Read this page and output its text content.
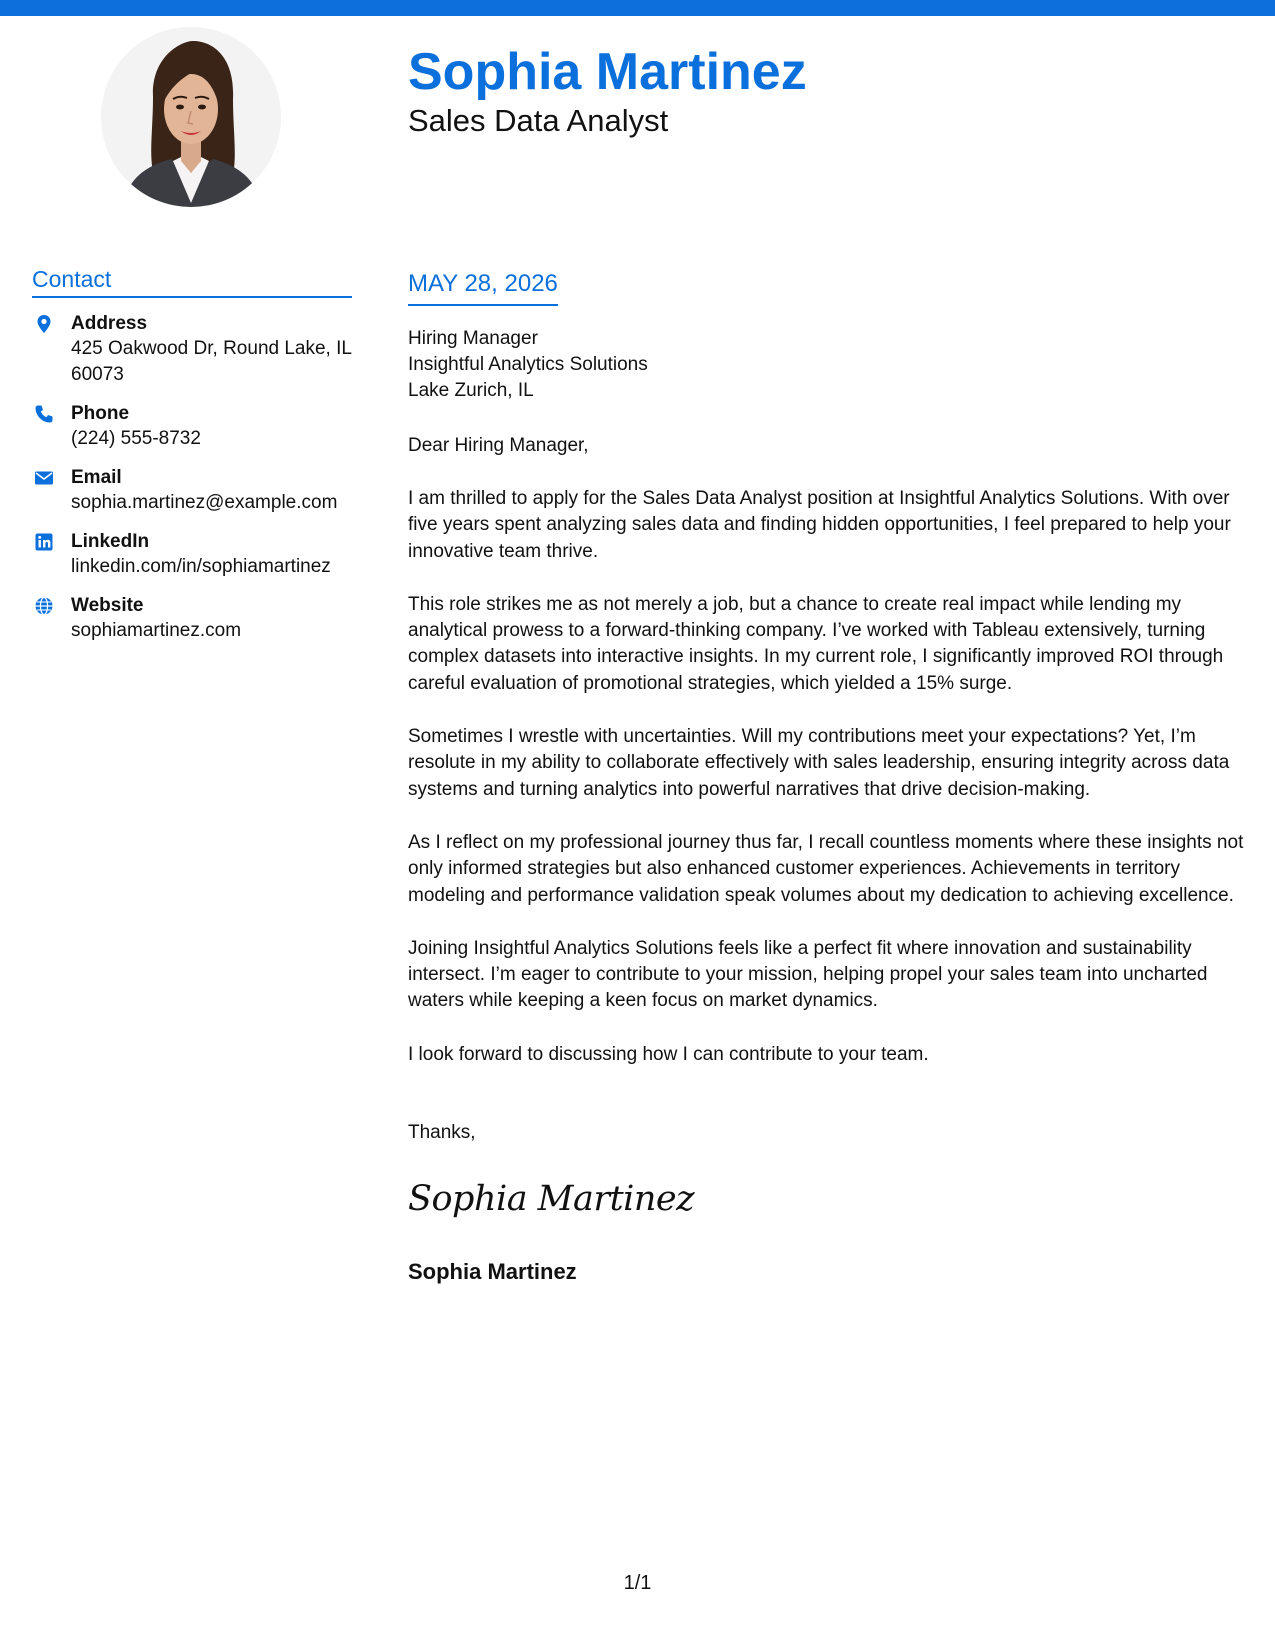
Sophia Martinez
Sales Data Analyst
Contact
Address
425 Oakwood Dr, Round Lake, IL 60073
Phone
(224) 555-8732
Email
sophia.martinez@example.com
LinkedIn
linkedin.com/in/sophiamartinez
Website
sophiamartinez.com
MAY 28, 2026
Hiring Manager
Insightful Analytics Solutions
Lake Zurich, IL
Dear Hiring Manager,
I am thrilled to apply for the Sales Data Analyst position at Insightful Analytics Solutions. With over five years spent analyzing sales data and finding hidden opportunities, I feel prepared to help your innovative team thrive.
This role strikes me as not merely a job, but a chance to create real impact while lending my analytical prowess to a forward-thinking company. I’ve worked with Tableau extensively, turning complex datasets into interactive insights. In my current role, I significantly improved ROI through careful evaluation of promotional strategies, which yielded a 15% surge.
Sometimes I wrestle with uncertainties. Will my contributions meet your expectations? Yet, I’m resolute in my ability to collaborate effectively with sales leadership, ensuring integrity across data systems and turning analytics into powerful narratives that drive decision-making.
As I reflect on my professional journey thus far, I recall countless moments where these insights not only informed strategies but also enhanced customer experiences. Achievements in territory modeling and performance validation speak volumes about my dedication to achieving excellence.
Joining Insightful Analytics Solutions feels like a perfect fit where innovation and sustainability intersect. I’m eager to contribute to your mission, helping propel your sales team into uncharted waters while keeping a keen focus on market dynamics.
I look forward to discussing how I can contribute to your team.
Thanks,
Sophia Martinez
Sophia Martinez
1/1
